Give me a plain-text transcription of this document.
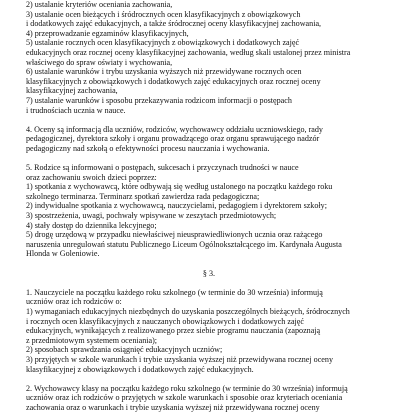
2) ustalanie kryteriów oceniania zachowania,
3) ustalanie ocen bieżących i śródrocznych ocen klasyfikacyjnych z obowiązkowych
i dodatkowych zajęć edukacyjnych, a także śródrocznej oceny klasyfikacyjnej zachowania,
4) przeprowadzanie egzaminów klasyfikacyjnych,
5) ustalanie rocznych ocen klasyfikacyjnych z obowiązkowych i dodatkowych zajęć
edukacyjnych oraz rocznej oceny klasyfikacyjnej zachowania, według skali ustalonej przez ministra
właściwego do spraw oświaty i wychowania,
6) ustalanie warunków i trybu uzyskania wyższych niż przewidywane rocznych ocen
klasyfikacyjnych z obowiązkowych i dodatkowych zajęć edukacyjnych oraz rocznej oceny
klasyfikacyjnej zachowania,
7) ustalanie warunków i sposobu przekazywania rodzicom informacji o postępach
i trudnościach ucznia w nauce.
4. Oceny są informacją dla uczniów, rodziców, wychowawcy oddziału uczniowskiego, rady
pedagogicznej, dyrektora szkoły i organu prowadzącego oraz organu sprawującego nadzór
pedagogiczny nad szkołą o efektywności procesu nauczania i wychowania.
5. Rodzice są informowani o postępach, sukcesach i przyczynach trudności w nauce
oraz zachowaniu swoich dzieci poprzez:
1) spotkania z wychowawcą, które odbywają się według ustalonego na początku każdego roku
szkolnego terminarza. Terminarz spotkań zawierdza rada pedagogiczna;
2) indywidualne spotkania z wychowawcą, nauczycielami, pedagogiem i dyrektorem szkoły;
3) spostrzeżenia, uwagi, pochwały wpisywane w zeszytach przedmiotowych;
4) stały dostęp do dziennika lekcyjnego;
5) drogę urzędową w przypadku niewłaściwej nieusprawiedliwionych ucznia oraz rażącego
naruszenia unregulowań statutu Publicznego Liceum Ogólnokształcącego im. Kardynała Augusta
Hlonda w Goleniowie.

§ 3.

1. Nauczyciele na początku każdego roku szkolnego (w terminie do 30 września) informują
uczniów oraz ich rodziców o:
1) wymaganiach edukacyjnych niezbędnych do uzyskania poszczególnych bieżących, śródrocznych
i rocznych ocen klasyfikacyjnych z nauczanych obowiązkowych i dodatkowych zajęć
edukacyjnych, wynikających z realizowanego przez siebie programu nauczania (zapoznają
z przedmiotowym systemem oceniania);
2) sposobach sprawdzania osiągnięć edukacyjnych uczniów;
3) przyjętych w szkole warunkach i trybie uzyskania wyższej niż przewidywana rocznej oceny
klasyfikacyjnej z obowiązkowych i dodatkowych zajęć edukacyjnych.
2. Wychowawcy klasy na początku każdego roku szkolnego (w terminie do 30 września) informują
uczniów oraz ich rodziców o przyjętych w szkole warunkach i sposobie oraz kryteriach oceniania
zachowania oraz o warunkach i trybie uzyskania wyższej niż przewidywana rocznej oceny
